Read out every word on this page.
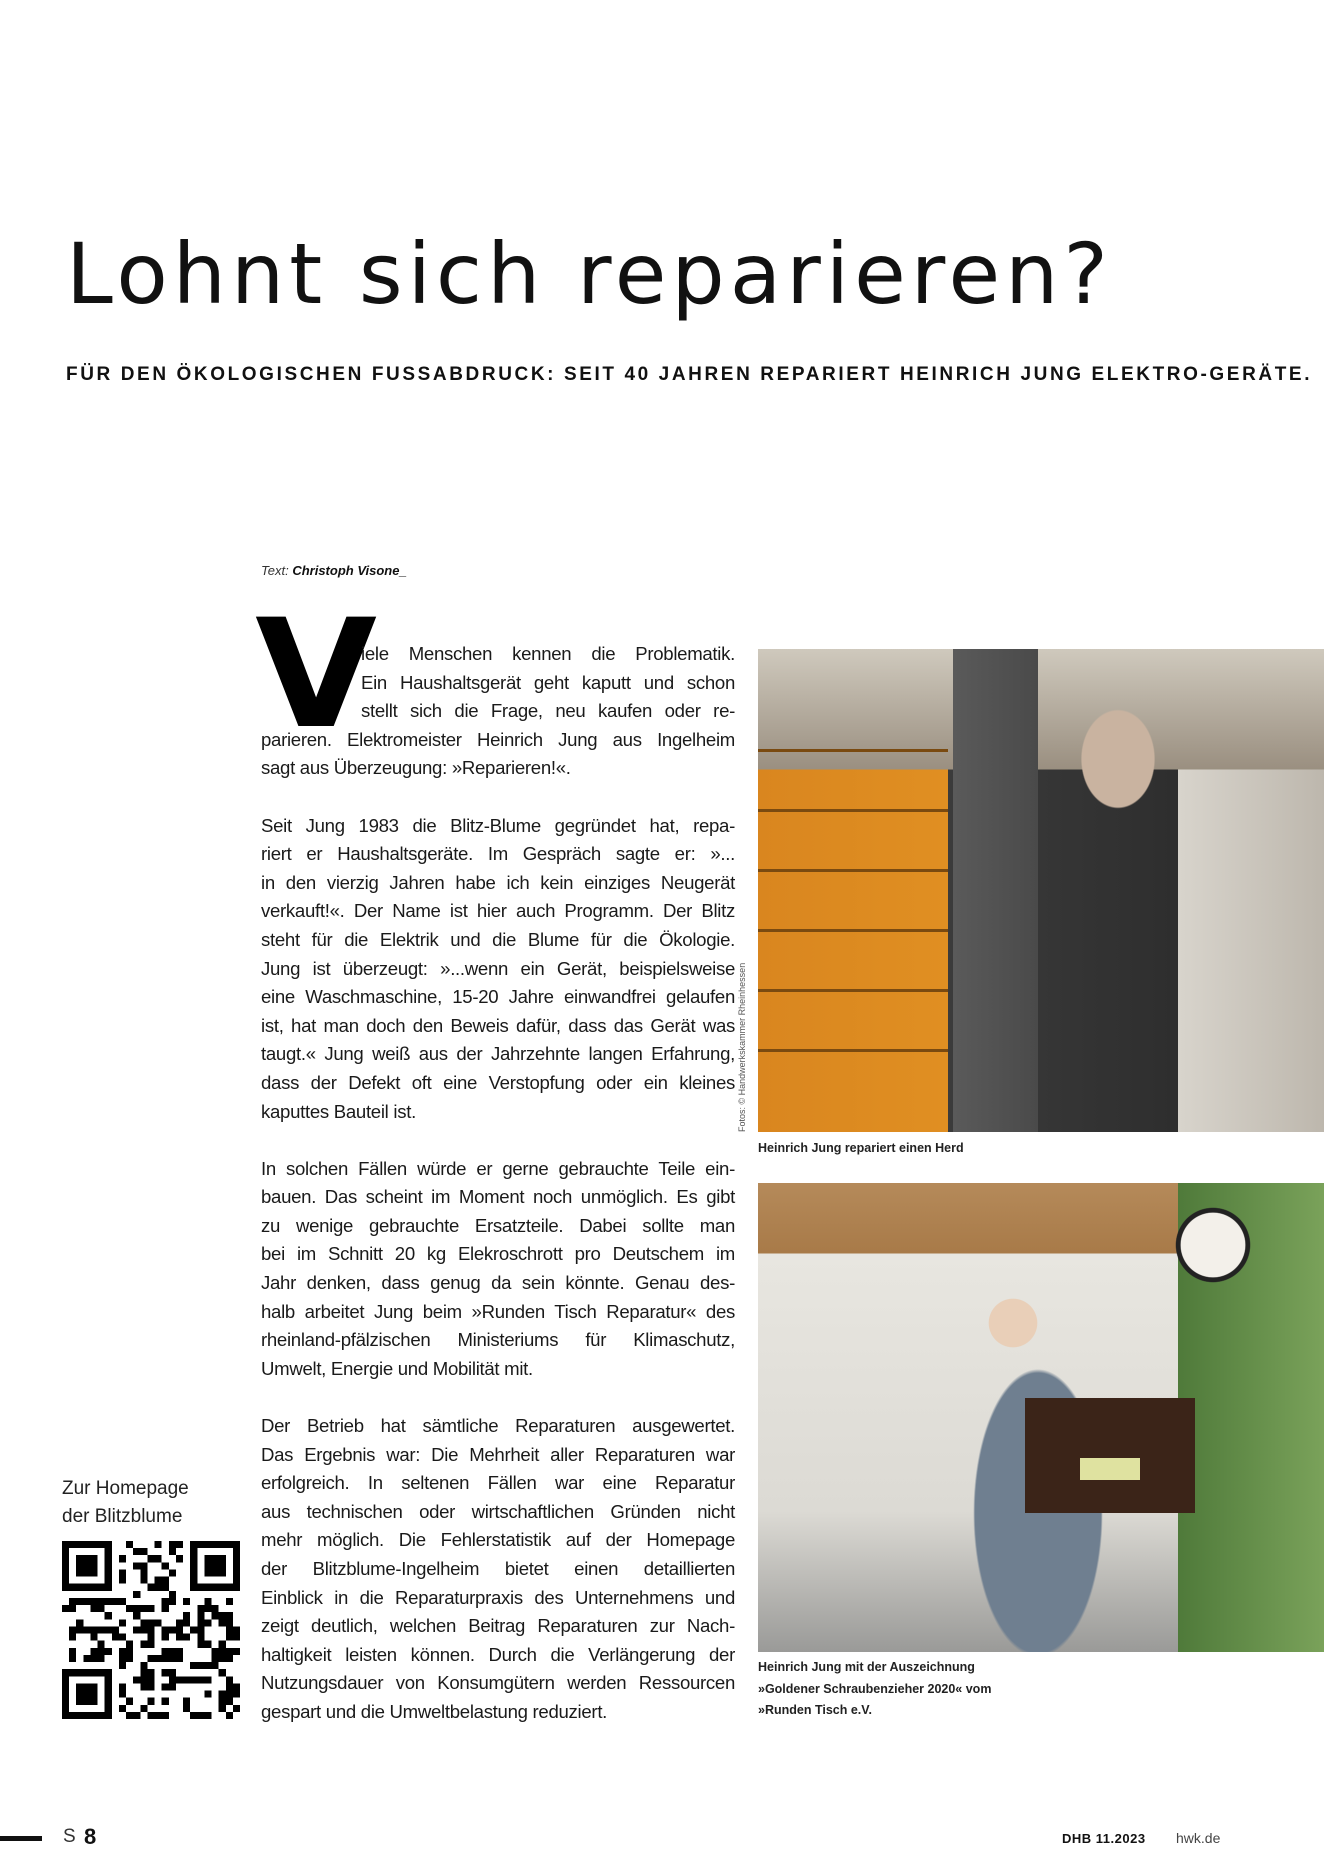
Lohnt sich reparieren?
FÜR DEN ÖKOLOGISCHEN FUSSABDRUCK: SEIT 40 JAHREN REPARIERT HEINRICH JUNG ELEKTRO-GERÄTE.
Text: Christoph Visone_
V
iele Menschen kennen die Problematik.
Ein Haushaltsgerät geht kaputt und schon
stellt sich die Frage, neu kaufen oder re-
parieren. Elektromeister Heinrich Jung aus Ingelheim
sagt aus Überzeugung: »Reparieren!«.
Seit Jung 1983 die Blitz-Blume gegründet hat, repa-
riert er Haushaltsgeräte. Im Gespräch sagte er: »...
in den vierzig Jahren habe ich kein einziges Neugerät
verkauft!«. Der Name ist hier auch Programm. Der Blitz
steht für die Elektrik und die Blume für die Ökologie.
Jung ist überzeugt: »...wenn ein Gerät, beispielsweise
eine Waschmaschine, 15-20 Jahre einwandfrei gelaufen
ist, hat man doch den Beweis dafür, dass das Gerät was
taugt.« Jung weiß aus der Jahrzehnte langen Erfahrung,
dass der Defekt oft eine Verstopfung oder ein kleines
kaputtes Bauteil ist.
In solchen Fällen würde er gerne gebrauchte Teile ein-
bauen. Das scheint im Moment noch unmöglich. Es gibt
zu wenige gebrauchte Ersatzteile. Dabei sollte man
bei im Schnitt 20 kg Elekroschrott pro Deutschem im
Jahr denken, dass genug da sein könnte. Genau des-
halb arbeitet Jung beim »Runden Tisch Reparatur« des
rheinland-pfälzischen Ministeriums für Klimaschutz,
Umwelt, Energie und Mobilität mit.
Der Betrieb hat sämtliche Reparaturen ausgewertet.
Das Ergebnis war: Die Mehrheit aller Reparaturen war
erfolgreich. In seltenen Fällen war eine Reparatur
aus technischen oder wirtschaftlichen Gründen nicht
mehr möglich. Die Fehlerstatistik auf der Homepage
der Blitzblume-Ingelheim bietet einen detaillierten
Einblick in die Reparaturpraxis des Unternehmens und
zeigt deutlich, welchen Beitrag Reparaturen zur Nach-
haltigkeit leisten können. Durch die Verlängerung der
Nutzungsdauer von Konsumgütern werden Ressourcen
gespart und die Umweltbelastung reduziert.
Fotos: © Handwerkskammer Rheinhessen
Heinrich Jung repariert einen Herd
Heinrich Jung mit der Auszeichnung
»Goldener Schraubenzieher 2020« vom
»Runden Tisch e.V.
Zur Homepage
der Blitzblume
S 8	DHB 11.2023 hwk.de
